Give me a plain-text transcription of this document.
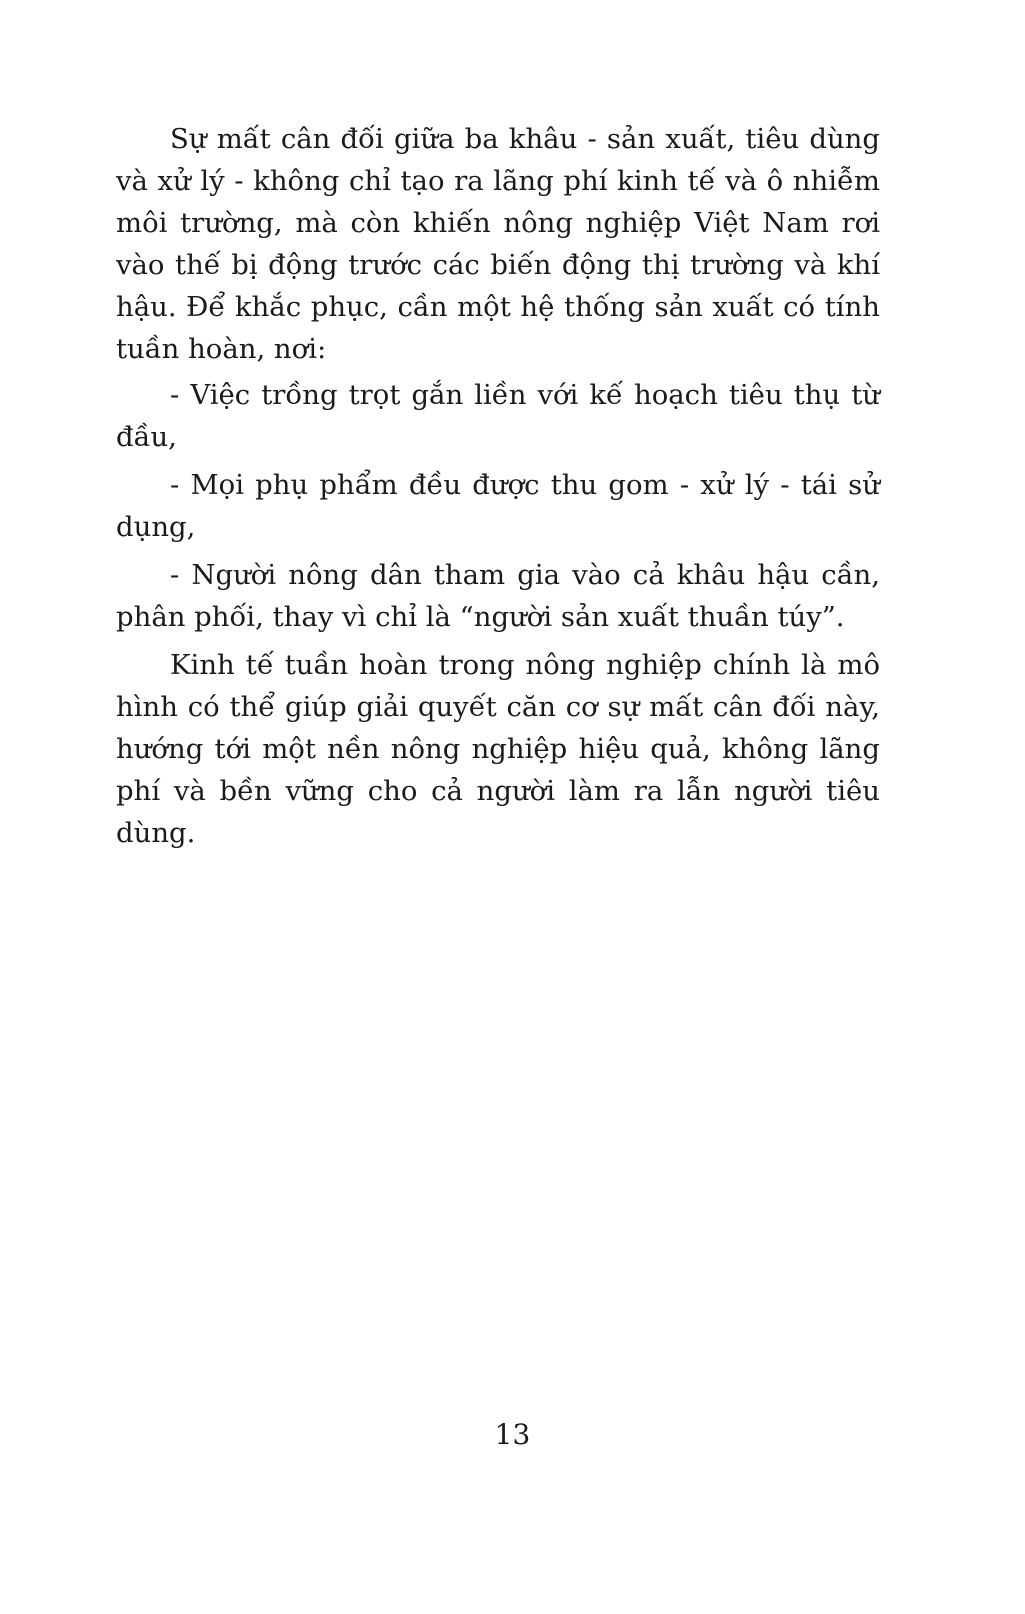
Sự mất cân đối giữa ba khâu - sản xuất, tiêu dùng và xử lý - không chỉ tạo ra lãng phí kinh tế và ô nhiễm môi trường, mà còn khiến nông nghiệp Việt Nam rơi vào thế bị động trước các biến động thị trường và khí hậu. Để khắc phục, cần một hệ thống sản xuất có tính tuần hoàn, nơi:

- Việc trồng trọt gắn liền với kế hoạch tiêu thụ từ đầu,

- Mọi phụ phẩm đều được thu gom - xử lý - tái sử dụng,

- Người nông dân tham gia vào cả khâu hậu cần, phân phối, thay vì chỉ là “người sản xuất thuần túy”.

Kinh tế tuần hoàn trong nông nghiệp chính là mô hình có thể giúp giải quyết căn cơ sự mất cân đối này, hướng tới một nền nông nghiệp hiệu quả, không lãng phí và bền vững cho cả người làm ra lẫn người tiêu dùng.

13
